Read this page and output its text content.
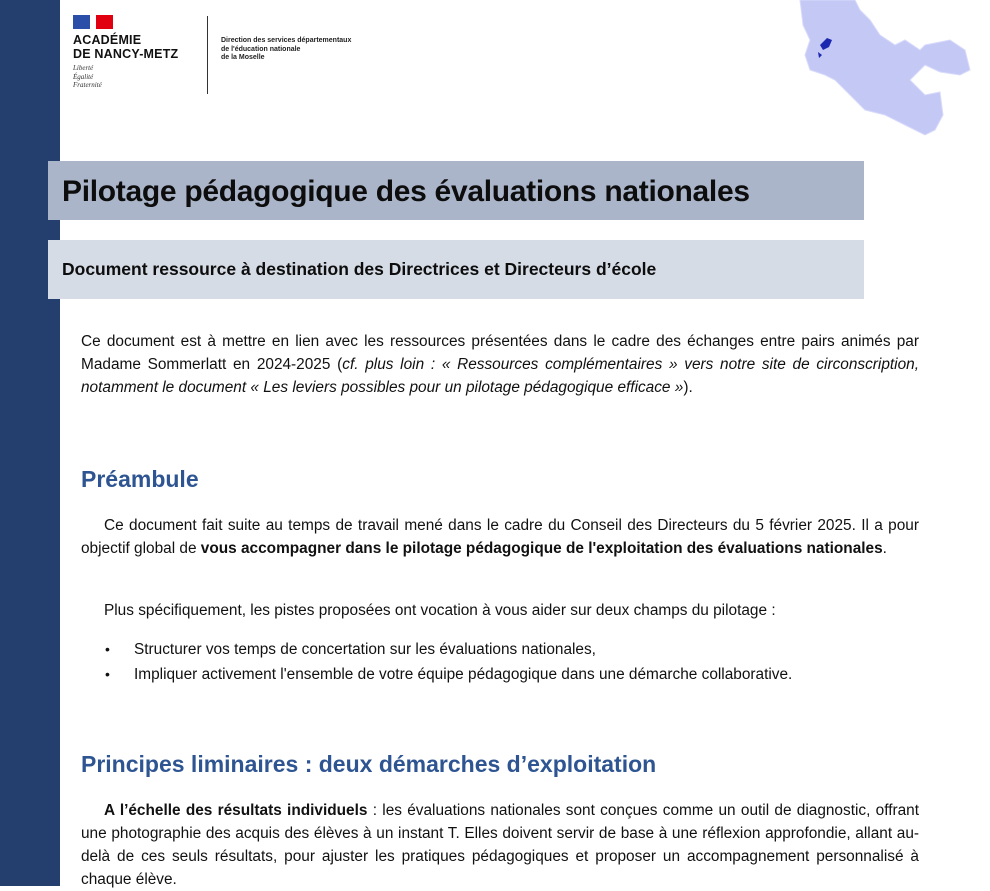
ACADÉMIE
DE NANCY-METZ
Liberté
Égalité
Fraternité
Direction des services départementaux
de l'éducation nationale
de la Moselle
Pilotage pédagogique des évaluations nationales
Document ressource à destination des Directrices et Directeurs d’école
Ce document est à mettre en lien avec les ressources présentées dans le cadre des échanges entre pairs animés par Madame Sommerlatt en 2024-2025 (cf. plus loin : « Ressources complémentaires » vers notre site de circonscription, notamment le document « Les leviers possibles pour un pilotage pédagogique efficace »).
Préambule
Ce document fait suite au temps de travail mené dans le cadre du Conseil des Directeurs du 5 février 2025. Il a pour objectif global de vous accompagner dans le pilotage pédagogique de l'exploitation des évaluations nationales.
Plus spécifiquement, les pistes proposées ont vocation à vous aider sur deux champs du pilotage :
• Structurer vos temps de concertation sur les évaluations nationales,
• Impliquer activement l'ensemble de votre équipe pédagogique dans une démarche collaborative.
Principes liminaires : deux démarches d’exploitation
A l’échelle des résultats individuels : les évaluations nationales sont conçues comme un outil de diagnostic, offrant une photographie des acquis des élèves à un instant T. Elles doivent servir de base à une réflexion approfondie, allant au-delà de ces seuls résultats, pour ajuster les pratiques pédagogiques et proposer un accompagnement personnalisé à chaque élève.
